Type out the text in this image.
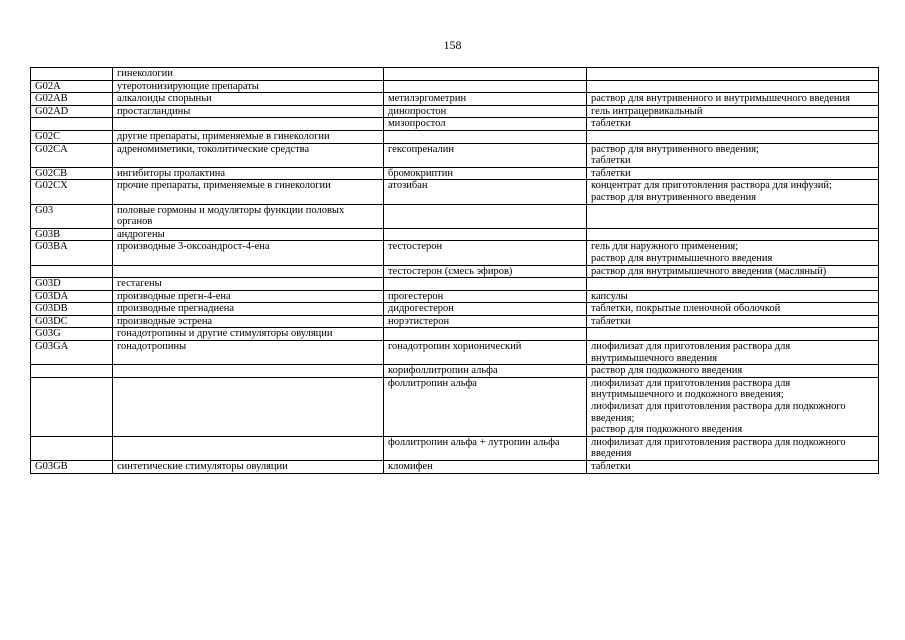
158
	гинекологии		
G02A	утеротонизирующие препараты		
G02AB	алкалоиды спорыньи	метилэргометрин	раствор для внутривенного и внутримышечного введения
G02AD	простагландины	динопростон	гель интрацервикальный
		мизопростол	таблетки
G02C	другие препараты, применяемые в гинекологии		
G02CA	адреномиметики, токолитические средства	гексопреналин	раствор для внутривенного введения;
таблетки
G02CB	ингибиторы пролактина	бромокриптин	таблетки
G02CX	прочие препараты, применяемые в гинекологии	атозибан	концентрат для приготовления раствора для инфузий;
раствор для внутривенного введения
G03	половые гормоны и модуляторы функции половых органов		
G03B	андрогены		
G03BA	производные 3-оксоандрост-4-ена	тестостерон	гель для наружного применения;
раствор для внутримышечного введения
		тестостерон (смесь эфиров)	раствор для внутримышечного введения (масляный)
G03D	гестагены		
G03DA	производные прегн-4-ена	прогестерон	капсулы
G03DB	производные прегнадиена	дидрогестерон	таблетки, покрытые пленочной оболочкой
G03DC	производные эстрена	норэтистерон	таблетки
G03G	гонадотропины и другие стимуляторы овуляции		
G03GA	гонадотропины	гонадотропин хорионический	лиофилизат для приготовления раствора для внутримышечного введения
		корифоллитропин альфа	раствор для подкожного введения
		фоллитропин альфа	лиофилизат для приготовления раствора для внутримышечного и подкожного введения;
лиофилизат для приготовления раствора для подкожного введения;
раствор для подкожного введения
		фоллитропин альфа + лутропин альфа	лиофилизат для приготовления раствора для подкожного введения
G03GB	синтетические стимуляторы овуляции	кломифен	таблетки
